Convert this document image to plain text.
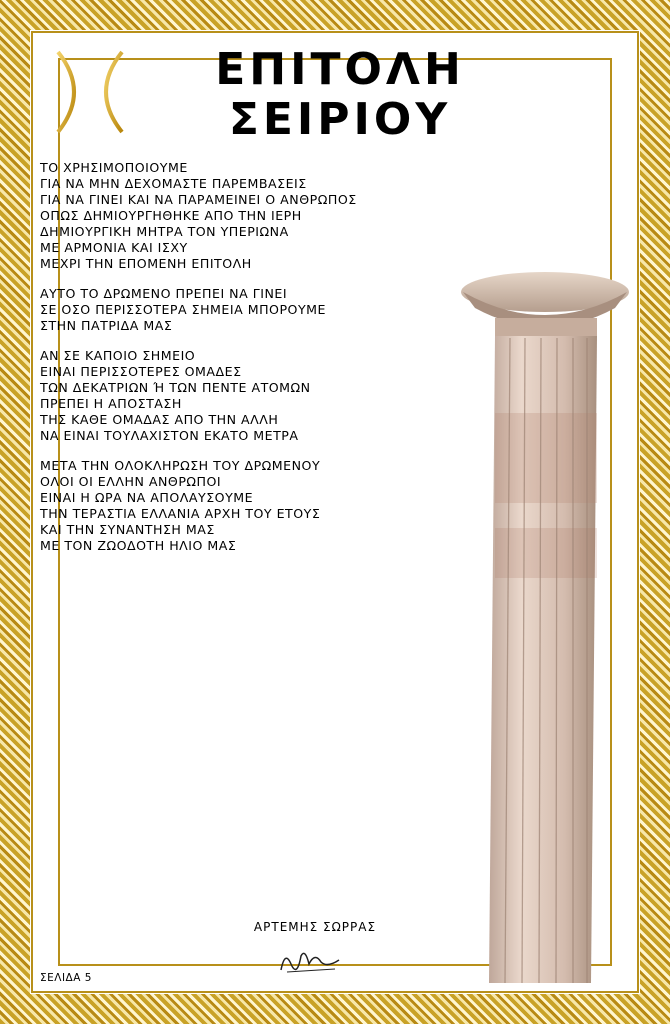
ΕΠΙΤΟΛΗ
ΣΕΙΡΙΟΥ
ΤΟ ΧΡΗΣΙΜΟΠΟΙΟΥΜΕ
ΓΙΑ ΝΑ ΜΗΝ ΔΕΧΟΜΑΣΤΕ ΠΑΡΕΜΒΑΣΕΙΣ
ΓΙΑ ΝΑ ΓΙΝΕΙ ΚΑΙ ΝΑ ΠΑΡΑΜΕΙΝΕΙ Ο ΑΝΘΡΩΠΟΣ
ΟΠΩΣ ΔΗΜΙΟΥΡΓΗΘΗΚΕ ΑΠΟ ΤΗΝ ΙΕΡΗ
ΔΗΜΙΟΥΡΓΙΚΗ ΜΗΤΡΑ ΤΟΝ ΥΠΕΡΙΩΝΑ
ΜΕ ΑΡΜΟΝΙΑ ΚΑΙ ΙΣΧΥ
ΜΕΧΡΙ ΤΗΝ ΕΠΟΜΕΝΗ ΕΠΙΤΟΛΗ
ΑΥΤΟ ΤΟ ΔΡΩΜΕΝΟ ΠΡΕΠΕΙ ΝΑ ΓΙΝΕΙ
ΣΕ ΟΣΟ ΠΕΡΙΣΣΟΤΕΡΑ ΣΗΜΕΙΑ ΜΠΟΡΟΥΜΕ
ΣΤΗΝ ΠΑΤΡΙΔΑ ΜΑΣ
ΑΝ ΣΕ ΚΑΠΟΙΟ ΣΗΜΕΙΟ
ΕΙΝΑΙ ΠΕΡΙΣΣΟΤΕΡΕΣ ΟΜΑΔΕΣ
ΤΩΝ ΔΕΚΑΤΡΙΩΝ Ή ΤΩΝ ΠΕΝΤΕ ΑΤΟΜΩΝ
ΠΡΕΠΕΙ Η ΑΠΟΣΤΑΣΗ
ΤΗΣ ΚΑΘΕ ΟΜΑΔΑΣ ΑΠΟ ΤΗΝ ΑΛΛΗ
ΝΑ ΕΙΝΑΙ ΤΟΥΛΑΧΙΣΤΟΝ ΕΚΑΤΟ ΜΕΤΡΑ
ΜΕΤΑ ΤΗΝ ΟΛΟΚΛΗΡΩΣΗ ΤΟΥ ΔΡΩΜΕΝΟΥ
ΟΛΟΙ ΟΙ ΕΛΛΗΝ ΑΝΘΡΩΠΟΙ
ΕΙΝΑΙ Η ΩΡΑ ΝΑ ΑΠΟΛΑΥΣΟΥΜΕ
ΤΗΝ ΤΕΡΑΣΤΙΑ ΕΛΛΑΝΙΑ ΑΡΧΗ ΤΟΥ ΕΤΟΥΣ
ΚΑΙ ΤΗΝ ΣΥΝΑΝΤΗΣΗ ΜΑΣ
ΜΕ ΤΟΝ ΖΩΟΔΟΤΗ ΗΛΙΟ ΜΑΣ
ΑΡΤΕΜΗΣ ΣΩΡΡΑΣ
ΣΕΛΙΔΑ 5
